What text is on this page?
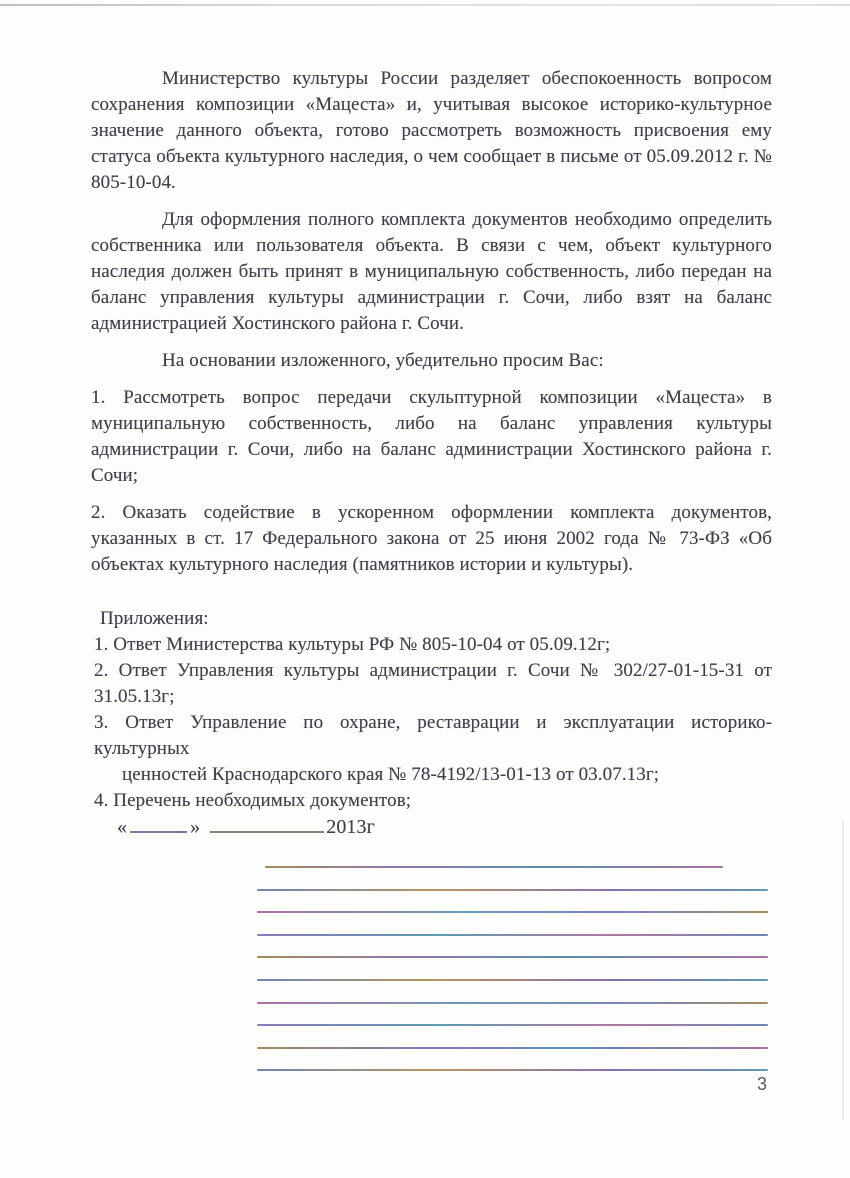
Министерство культуры России разделяет обеспокоенность вопросом сохранения композиции «Мацеста» и, учитывая высокое историко-культурное значение данного объекта, готово рассмотреть возможность присвоения ему статуса объекта культурного наследия, о чем сообщает в письме от 05.09.2012 г. № 805-10-04.

Для оформления полного комплекта документов необходимо определить собственника или пользователя объекта. В связи с чем, объект культурного наследия должен быть принят в муниципальную собственность, либо передан на баланс управления культуры администрации г. Сочи, либо взят на баланс администрацией Хостинского района г. Сочи.

На основании изложенного, убедительно просим Вас:

1. Рассмотреть вопрос передачи скульптурной композиции «Мацеста» в муниципальную собственность, либо на баланс управления культуры администрации г. Сочи, либо на баланс администрации Хостинского района г. Сочи;

2. Оказать содействие в ускоренном оформлении комплекта документов, указанных в ст. 17 Федерального закона от 25 июня 2002 года № 73-ФЗ «Об объектах культурного наследия (памятников истории и культуры).

Приложения:
1. Ответ Министерства культуры РФ № 805-10-04 от 05.09.12г;
2. Ответ Управления культуры администрации г. Сочи № 302/27-01-15-31 от
31.05.13г;
3. Ответ Управление по охране, реставрации и эксплуатации историко-
культурных
ценностей Краснодарского края № 78-4192/13-01-13 от 03.07.13г;
4. Перечень необходимых документов;
«	»	2013г
3
